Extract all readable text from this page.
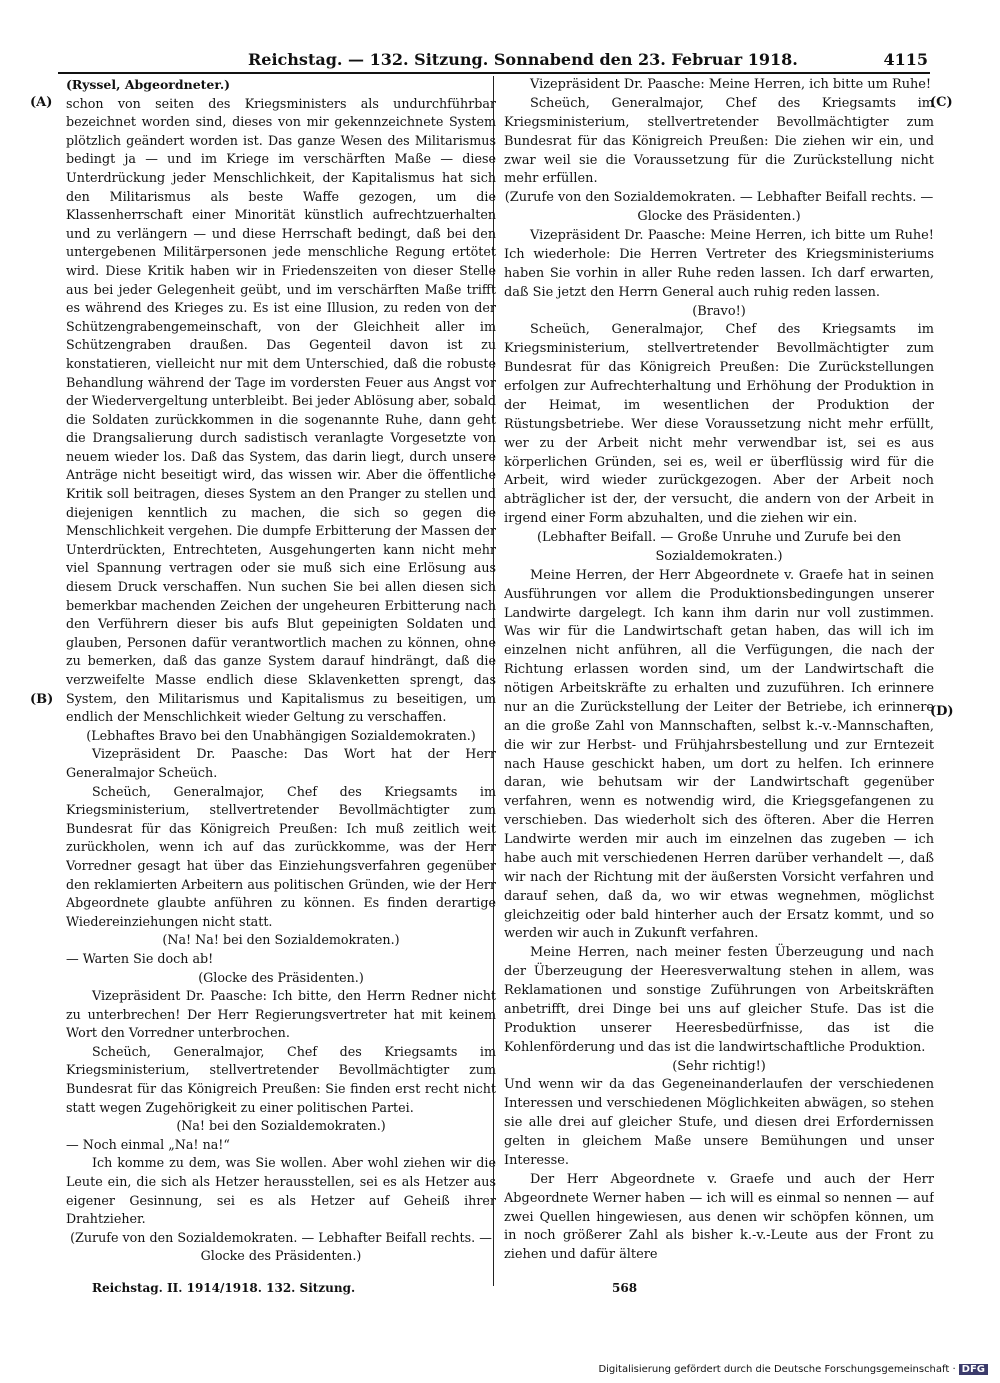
Reichstag. — 132. Sitzung. Sonnabend den 23. Februar 1918.	4115
(A)
(B)
(C)
(D)

(Ryssel, Abgeordneter.)

schon von seiten des Kriegsministers als undurchführbar bezeichnet worden sind, dieses von mir gekennzeichnete System plötzlich geändert worden ist. Das ganze Wesen des Militarismus bedingt ja — und im Kriege im verschärften Maße — diese Unterdrückung jeder Menschlichkeit, der Kapitalismus hat sich den Militarismus als beste Waffe gezogen, um die Klassenherrschaft einer Minorität künstlich aufrechtzuerhalten und zu verlängern — und diese Herrschaft bedingt, daß bei den untergebenen Militärpersonen jede menschliche Regung ertötet wird. Diese Kritik haben wir in Friedenszeiten von dieser Stelle aus bei jeder Gelegenheit geübt, und im verschärften Maße trifft es während des Krieges zu. Es ist eine Illusion, zu reden von der Schützengrabengemeinschaft, von der Gleichheit aller im Schützengraben draußen. Das Gegenteil davon ist zu konstatieren, vielleicht nur mit dem Unterschied, daß die robuste Behandlung während der Tage im vordersten Feuer aus Angst vor der Wiedervergeltung unterbleibt. Bei jeder Ablösung aber, sobald die Soldaten zurückkommen in die sogenannte Ruhe, dann geht die Drangsalierung durch sadistisch veranlagte Vorgesetzte von neuem wieder los. Daß das System, das darin liegt, durch unsere Anträge nicht beseitigt wird, das wissen wir. Aber die öffentliche Kritik soll beitragen, dieses System an den Pranger zu stellen und diejenigen kenntlich zu machen, die sich so gegen die Menschlichkeit vergehen. Die dumpfe Erbitterung der Massen der Unterdrückten, Entrechteten, Ausgehungerten kann nicht mehr viel Spannung vertragen oder sie muß sich eine Erlösung aus diesem Druck verschaffen. Nun suchen Sie bei allen diesen sich bemerkbar machenden Zeichen der ungeheuren Erbitterung nach den Verführern dieser bis aufs Blut gepeinigten Soldaten und glauben, Personen dafür verantwortlich machen zu können, ohne zu bemerken, daß das ganze System darauf hindrängt, daß die verzweifelte Masse endlich diese Sklavenketten sprengt, das System, den Militarismus und Kapitalismus zu beseitigen, um endlich der Menschlichkeit wieder Geltung zu verschaffen.

(Lebhaftes Bravo bei den Unabhängigen Sozialdemokraten.)

Vizepräsident Dr. Paasche: Das Wort hat der Herr Generalmajor Scheüch.

Scheüch, Generalmajor, Chef des Kriegsamts im Kriegsministerium, stellvertretender Bevollmächtigter zum Bundesrat für das Königreich Preußen: Ich muß zeitlich weit zurückholen, wenn ich auf das zurückkomme, was der Herr Vorredner gesagt hat über das Einziehungsverfahren gegenüber den reklamierten Arbeitern aus politischen Gründen, wie der Herr Abgeordnete glaubte anführen zu können. Es finden derartige Wiedereinziehungen nicht statt.

(Na! Na! bei den Sozialdemokraten.)

— Warten Sie doch ab!

(Glocke des Präsidenten.)

Vizepräsident Dr. Paasche: Ich bitte, den Herrn Redner nicht zu unterbrechen! Der Herr Regierungsvertreter hat mit keinem Wort den Vorredner unterbrochen.

Scheüch, Generalmajor, Chef des Kriegsamts im Kriegsministerium, stellvertretender Bevollmächtigter zum Bundesrat für das Königreich Preußen: Sie finden erst recht nicht statt wegen Zugehörigkeit zu einer politischen Partei.

(Na! bei den Sozialdemokraten.)

— Noch einmal „Na! na!“

Ich komme zu dem, was Sie wollen. Aber wohl ziehen wir die Leute ein, die sich als Hetzer herausstellen, sei es als Hetzer aus eigener Gesinnung, sei es als Hetzer auf Geheiß ihrer Drahtzieher.

(Zurufe von den Sozialdemokraten. — Lebhafter Beifall rechts. — Glocke des Präsidenten.)

Vizepräsident Dr. Paasche: Meine Herren, ich bitte um Ruhe!

Scheüch, Generalmajor, Chef des Kriegsamts im Kriegsministerium, stellvertretender Bevollmächtigter zum Bundesrat für das Königreich Preußen: Die ziehen wir ein, und zwar weil sie die Voraussetzung für die Zurückstellung nicht mehr erfüllen.

(Zurufe von den Sozialdemokraten. — Lebhafter Beifall rechts. — Glocke des Präsidenten.)

Vizepräsident Dr. Paasche: Meine Herren, ich bitte um Ruhe! Ich wiederhole: Die Herren Vertreter des Kriegsministeriums haben Sie vorhin in aller Ruhe reden lassen. Ich darf erwarten, daß Sie jetzt den Herrn General auch ruhig reden lassen.

(Bravo!)

Scheüch, Generalmajor, Chef des Kriegsamts im Kriegsministerium, stellvertretender Bevollmächtigter zum Bundesrat für das Königreich Preußen: Die Zurückstellungen erfolgen zur Aufrechterhaltung und Erhöhung der Produktion in der Heimat, im wesentlichen der Produktion der Rüstungsbetriebe. Wer diese Voraussetzung nicht mehr erfüllt, wer zu der Arbeit nicht mehr verwendbar ist, sei es aus körperlichen Gründen, sei es, weil er überflüssig wird für die Arbeit, wird wieder zurückgezogen. Aber der Arbeit noch abträglicher ist der, der versucht, die andern von der Arbeit in irgend einer Form abzuhalten, und die ziehen wir ein.

(Lebhafter Beifall. — Große Unruhe und Zurufe bei den Sozialdemokraten.)

Meine Herren, der Herr Abgeordnete v. Graefe hat in seinen Ausführungen vor allem die Produktionsbedingungen unserer Landwirte dargelegt. Ich kann ihm darin nur voll zustimmen. Was wir für die Landwirtschaft getan haben, das will ich im einzelnen nicht anführen, all die Verfügungen, die nach der Richtung erlassen worden sind, um der Landwirtschaft die nötigen Arbeitskräfte zu erhalten und zuzuführen. Ich erinnere nur an die Zurückstellung der Leiter der Betriebe, ich erinnere an die große Zahl von Mannschaften, selbst k.-v.-Mannschaften, die wir zur Herbst- und Frühjahrsbestellung und zur Erntezeit nach Hause geschickt haben, um dort zu helfen. Ich erinnere daran, wie behutsam wir der Landwirtschaft gegenüber verfahren, wenn es notwendig wird, die Kriegsgefangenen zu verschieben. Das wiederholt sich des öfteren. Aber die Herren Landwirte werden mir auch im einzelnen das zugeben — ich habe auch mit verschiedenen Herren darüber verhandelt —, daß wir nach der Richtung mit der äußersten Vorsicht verfahren und darauf sehen, daß da, wo wir etwas wegnehmen, möglichst gleichzeitig oder bald hinterher auch der Ersatz kommt, und so werden wir auch in Zukunft verfahren.

Meine Herren, nach meiner festen Überzeugung und nach der Überzeugung der Heeresverwaltung stehen in allem, was Reklamationen und sonstige Zuführungen von Arbeitskräften anbetrifft, drei Dinge bei uns auf gleicher Stufe. Das ist die Produktion unserer Heeresbedürfnisse, das ist die Kohlenförderung und das ist die landwirtschaftliche Produktion.

(Sehr richtig!)

Und wenn wir da das Gegeneinanderlaufen der verschiedenen Interessen und verschiedenen Möglichkeiten abwägen, so stehen sie alle drei auf gleicher Stufe, und diesen drei Erfordernissen gelten in gleichem Maße unsere Bemühungen und unser Interesse.

Der Herr Abgeordnete v. Graefe und auch der Herr Abgeordnete Werner haben — ich will es einmal so nennen — auf zwei Quellen hingewiesen, aus denen wir schöpfen können, um in noch größerer Zahl als bisher k.-v.-Leute aus der Front zu ziehen und dafür ältere

Reichstag. II. 1914/1918. 132. Sitzung.	568
Digitalisierung gefördert durch die Deutsche Forschungsgemeinschaft · DFG
